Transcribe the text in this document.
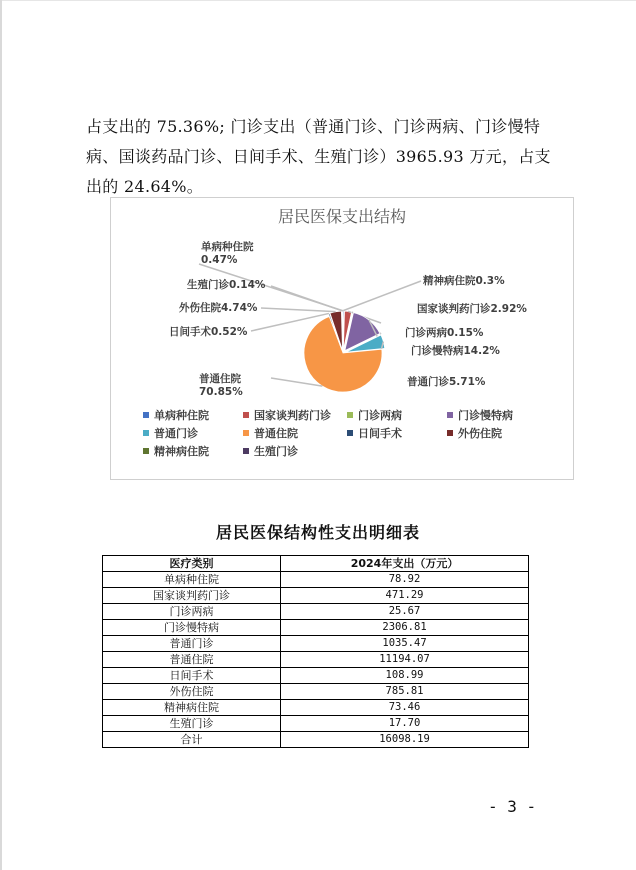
占支出的 75.36%; 门诊支出（普通门诊、门诊两病、门诊慢特

病、国谈药品门诊、日间手术、生殖门诊）3965.93 万元，占支

出的 24.64%。

居民医保支出结构
单病种住院 0.47%
国家谈判药门诊2.92%
门诊两病0.15%
门诊慢特病14.2%
普通门诊5.71%
普通住院 70.85%
日间手术0.52%
外伤住院4.74%
精神病住院0.3%
生殖门诊0.14%
单病种住院	国家谈判药门诊 门诊两病	门诊慢特病
普通门诊	普通住院	日间手术	外伤住院
精神病住院	生殖门诊
居民医保结构性支出明细表
医疗类别	2024年支出（万元）
单病种住院	78.92
国家谈判药门诊	471.29
门诊两病	25.67
门诊慢特病	2306.81
普通门诊	1035.47
普通住院	11194.07
日间手术	108.99
外伤住院	785.81
精神病住院	73.46
生殖门诊	17.70
合计	16098.19
- 3 -
